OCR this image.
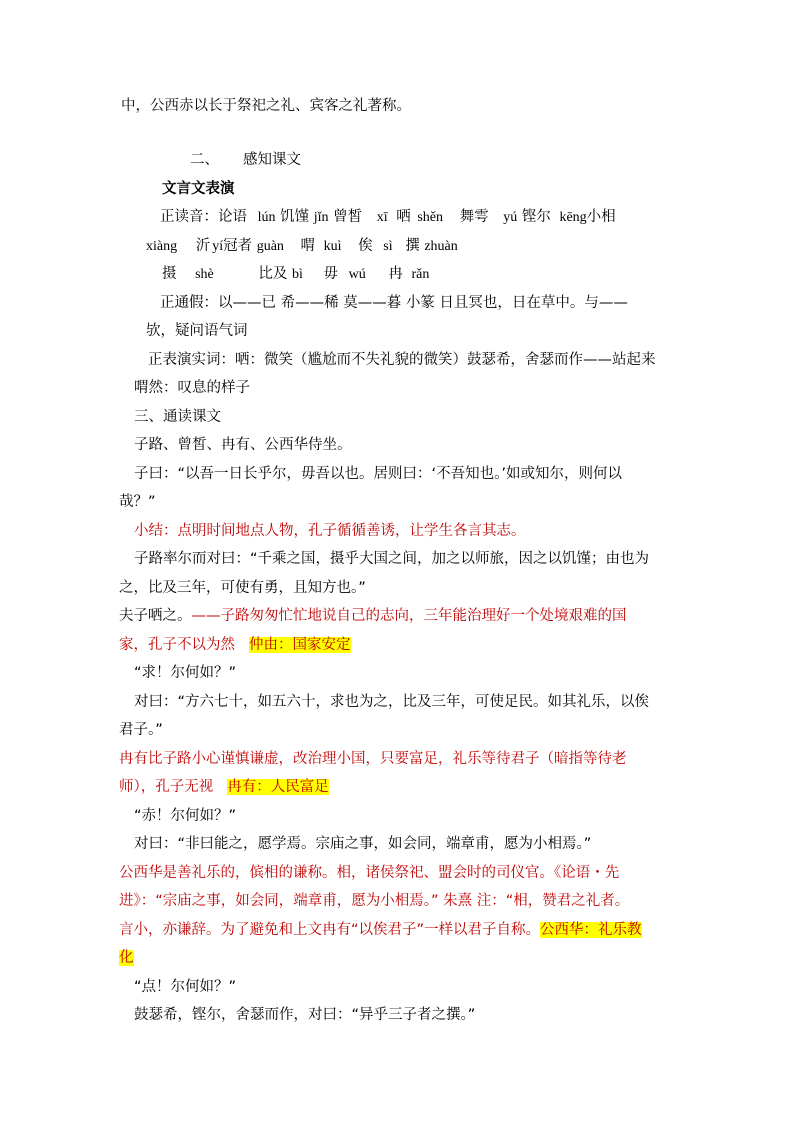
中，公西赤以长于祭祀之礼、宾客之礼著称。
二、 感知课文
文言文表演
正读音：论语 lún 饥馑 jǐn 曾皙 xī 哂 shěn 舞雩 yú 铿尔 kēng小相
xiàng 沂 yí冠者 guàn 喟 kuì 俟 sì 撰 zhuàn
摄 shè	比及 bì 毋 wú 冉 rǎn
正通假：以——已 希——稀 莫——暮 小篆 日且冥也，日在草中。与——
欤，疑问语气词
正表演实词：哂：微笑（尴尬而不失礼貌的微笑）鼓瑟希，舍瑟而作——站起来
喟然：叹息的样子
三、通读课文
子路、曾皙、冉有、公西华侍坐。
子曰：“以吾一日长乎尔，毋吾以也。居则曰：‘不吾知也。’如或知尔，则何以
哉？”
小结：点明时间地点人物，孔子循循善诱，让学生各言其志。
子路率尔而对曰：“千乘之国，摄乎大国之间，加之以师旅，因之以饥馑；由也为
之，比及三年，可使有勇，且知方也。”
夫子哂之。——子路匆匆忙忙地说自己的志向，三年能治理好一个处境艰难的国
家，孔子不以为然 仲由：国家安定
“求！尔何如？”
对曰：“方六七十，如五六十，求也为之，比及三年，可使足民。如其礼乐，以俟
君子。”
冉有比子路小心谨慎谦虚，改治理小国，只要富足，礼乐等待君子（暗指等待老
师），孔子无视 冉有：人民富足
“赤！尔何如？”
对曰：“非曰能之，愿学焉。宗庙之事，如会同，端章甫，愿为小相焉。”
公西华是善礼乐的，傧相的谦称。相，诸侯祭祀、盟会时的司仪官。《论语・先
进》：“宗庙之事，如会同，端章甫，愿为小相焉。” 朱熹 注：“相，赞君之礼者。
言小，亦谦辞。为了避免和上文冉有“以俟君子”一样以君子自称。公西华：礼乐教
化
“点！尔何如？”
鼓瑟希，铿尔，舍瑟而作，对曰：“异乎三子者之撰。”
